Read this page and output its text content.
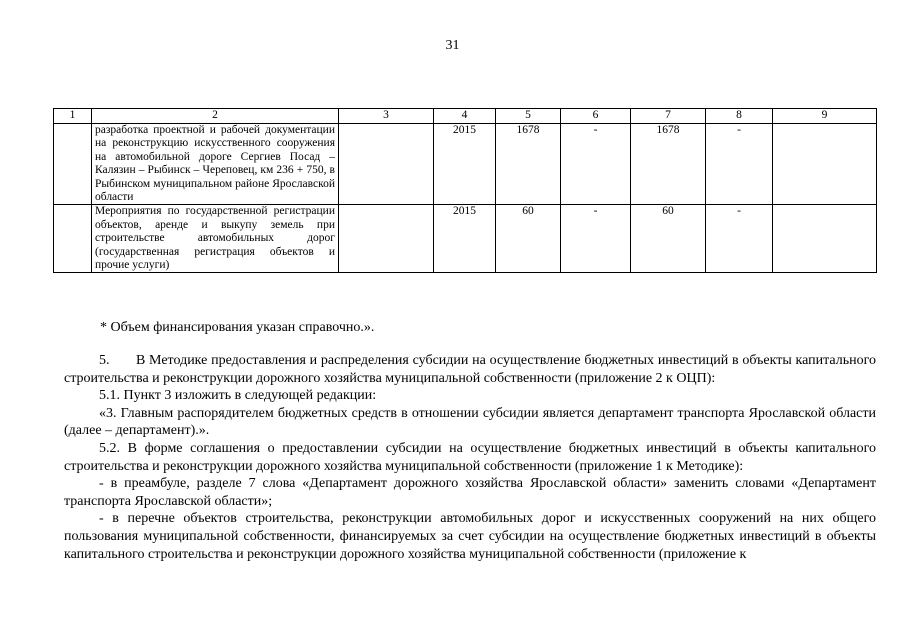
31
1	2	3	4	5	6	7	8	9
	разработка проектной и рабочей документации на реконструкцию искусственного сооружения на автомобильной дороге Сергиев Посад – Калязин – Рыбинск – Череповец, км 236 + 750, в Рыбинском муниципальном районе Ярославской области		2015	1678	-	1678	-	
	Мероприятия по государственной регистрации объектов, аренде и выкупу земель при строительстве автомобильных дорог (государственная регистрация объектов и прочие услуги)		2015	60	-	60	-	
* Объем финансирования указан справочно.».

5.       В Методике предоставления и распределения субсидии на осуществление бюджетных инвестиций в объекты капитального строительства и реконструкции дорожного хозяйства муниципальной собственности (приложение 2 к ОЦП):

5.1. Пункт 3 изложить в следующей редакции:

«3. Главным распорядителем бюджетных средств в отношении субсидии является департамент транспорта Ярославской области (далее – департамент).».

5.2. В форме соглашения о предоставлении субсидии на осуществление бюджетных инвестиций в объекты капитального строительства и реконструкции дорожного хозяйства муниципальной собственности (приложение 1 к Методике):

- в преамбуле, разделе 7 слова «Департамент дорожного хозяйства Ярославской области» заменить словами «Департамент транспорта Ярославской области»;

- в перечне объектов строительства, реконструкции автомобильных дорог и искусственных сооружений на них общего пользования муниципальной собственности, финансируемых за счет субсидии на осуществление бюджетных инвестиций в объекты капитального строительства и реконструкции дорожного хозяйства муниципальной собственности (приложение к
